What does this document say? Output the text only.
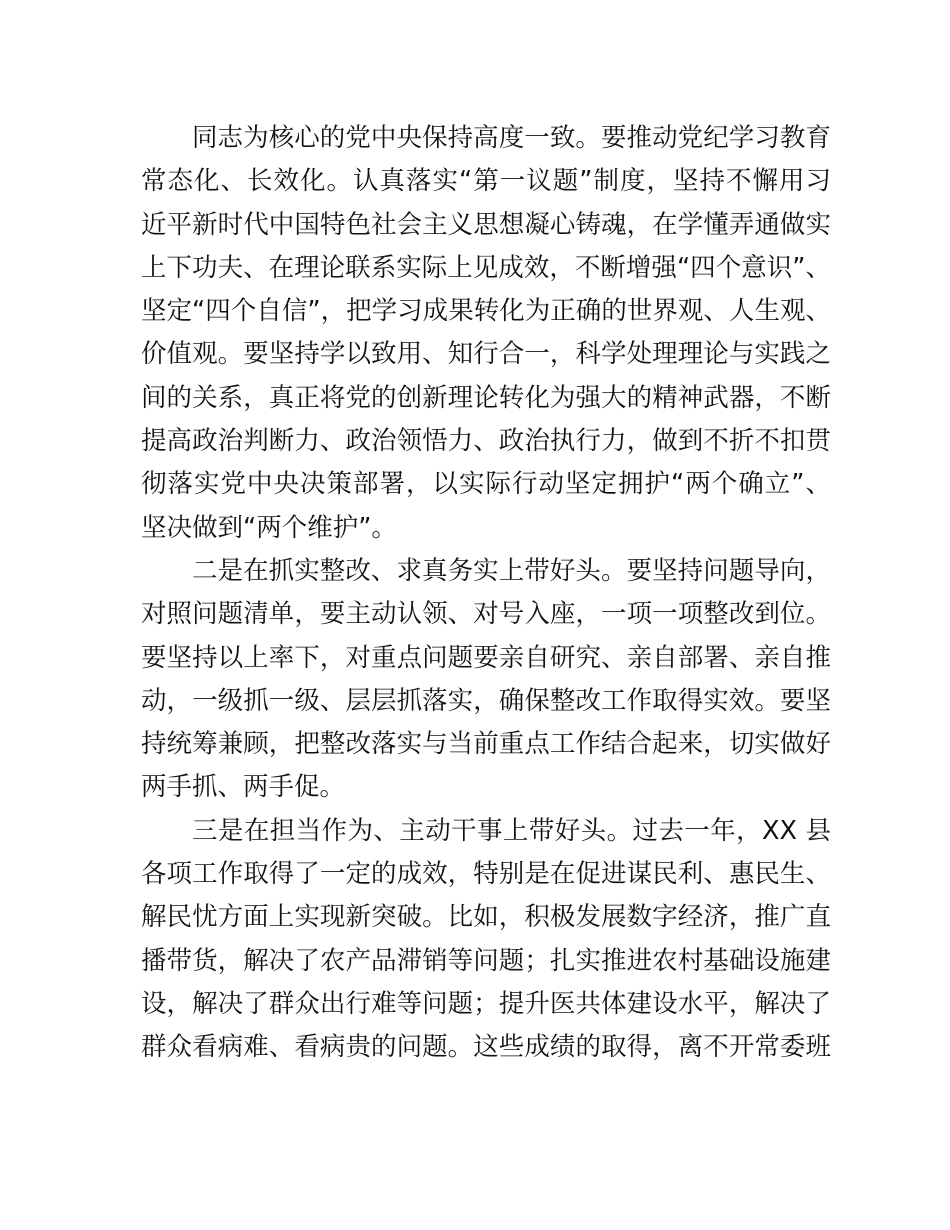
同志为核心的党中央保持高度一致。要推动党纪学习教育
常态化、长效化。认真落实“第一议题”制度，坚持不懈用习
近平新时代中国特色社会主义思想凝心铸魂，在学懂弄通做实
上下功夫、在理论联系实际上见成效，不断增强“四个意识”、
坚定“四个自信”，把学习成果转化为正确的世界观、人生观、
价值观。要坚持学以致用、知行合一，科学处理理论与实践之
间的关系，真正将党的创新理论转化为强大的精神武器，不断
提高政治判断力、政治领悟力、政治执行力，做到不折不扣贯
彻落实党中央决策部署，以实际行动坚定拥护“两个确立”、
坚决做到“两个维护”。
二是在抓实整改、求真务实上带好头。要坚持问题导向，
对照问题清单，要主动认领、对号入座，一项一项整改到位。
要坚持以上率下，对重点问题要亲自研究、亲自部署、亲自推
动，一级抓一级、层层抓落实，确保整改工作取得实效。要坚
持统筹兼顾，把整改落实与当前重点工作结合起来，切实做好
两手抓、两手促。
三是在担当作为、主动干事上带好头。过去一年，XX 县
各项工作取得了一定的成效，特别是在促进谋民利、惠民生、
解民忧方面上实现新突破。比如，积极发展数字经济，推广直
播带货，解决了农产品滞销等问题；扎实推进农村基础设施建
设，解决了群众出行难等问题；提升医共体建设水平，解决了
群众看病难、看病贵的问题。这些成绩的取得，离不开常委班
